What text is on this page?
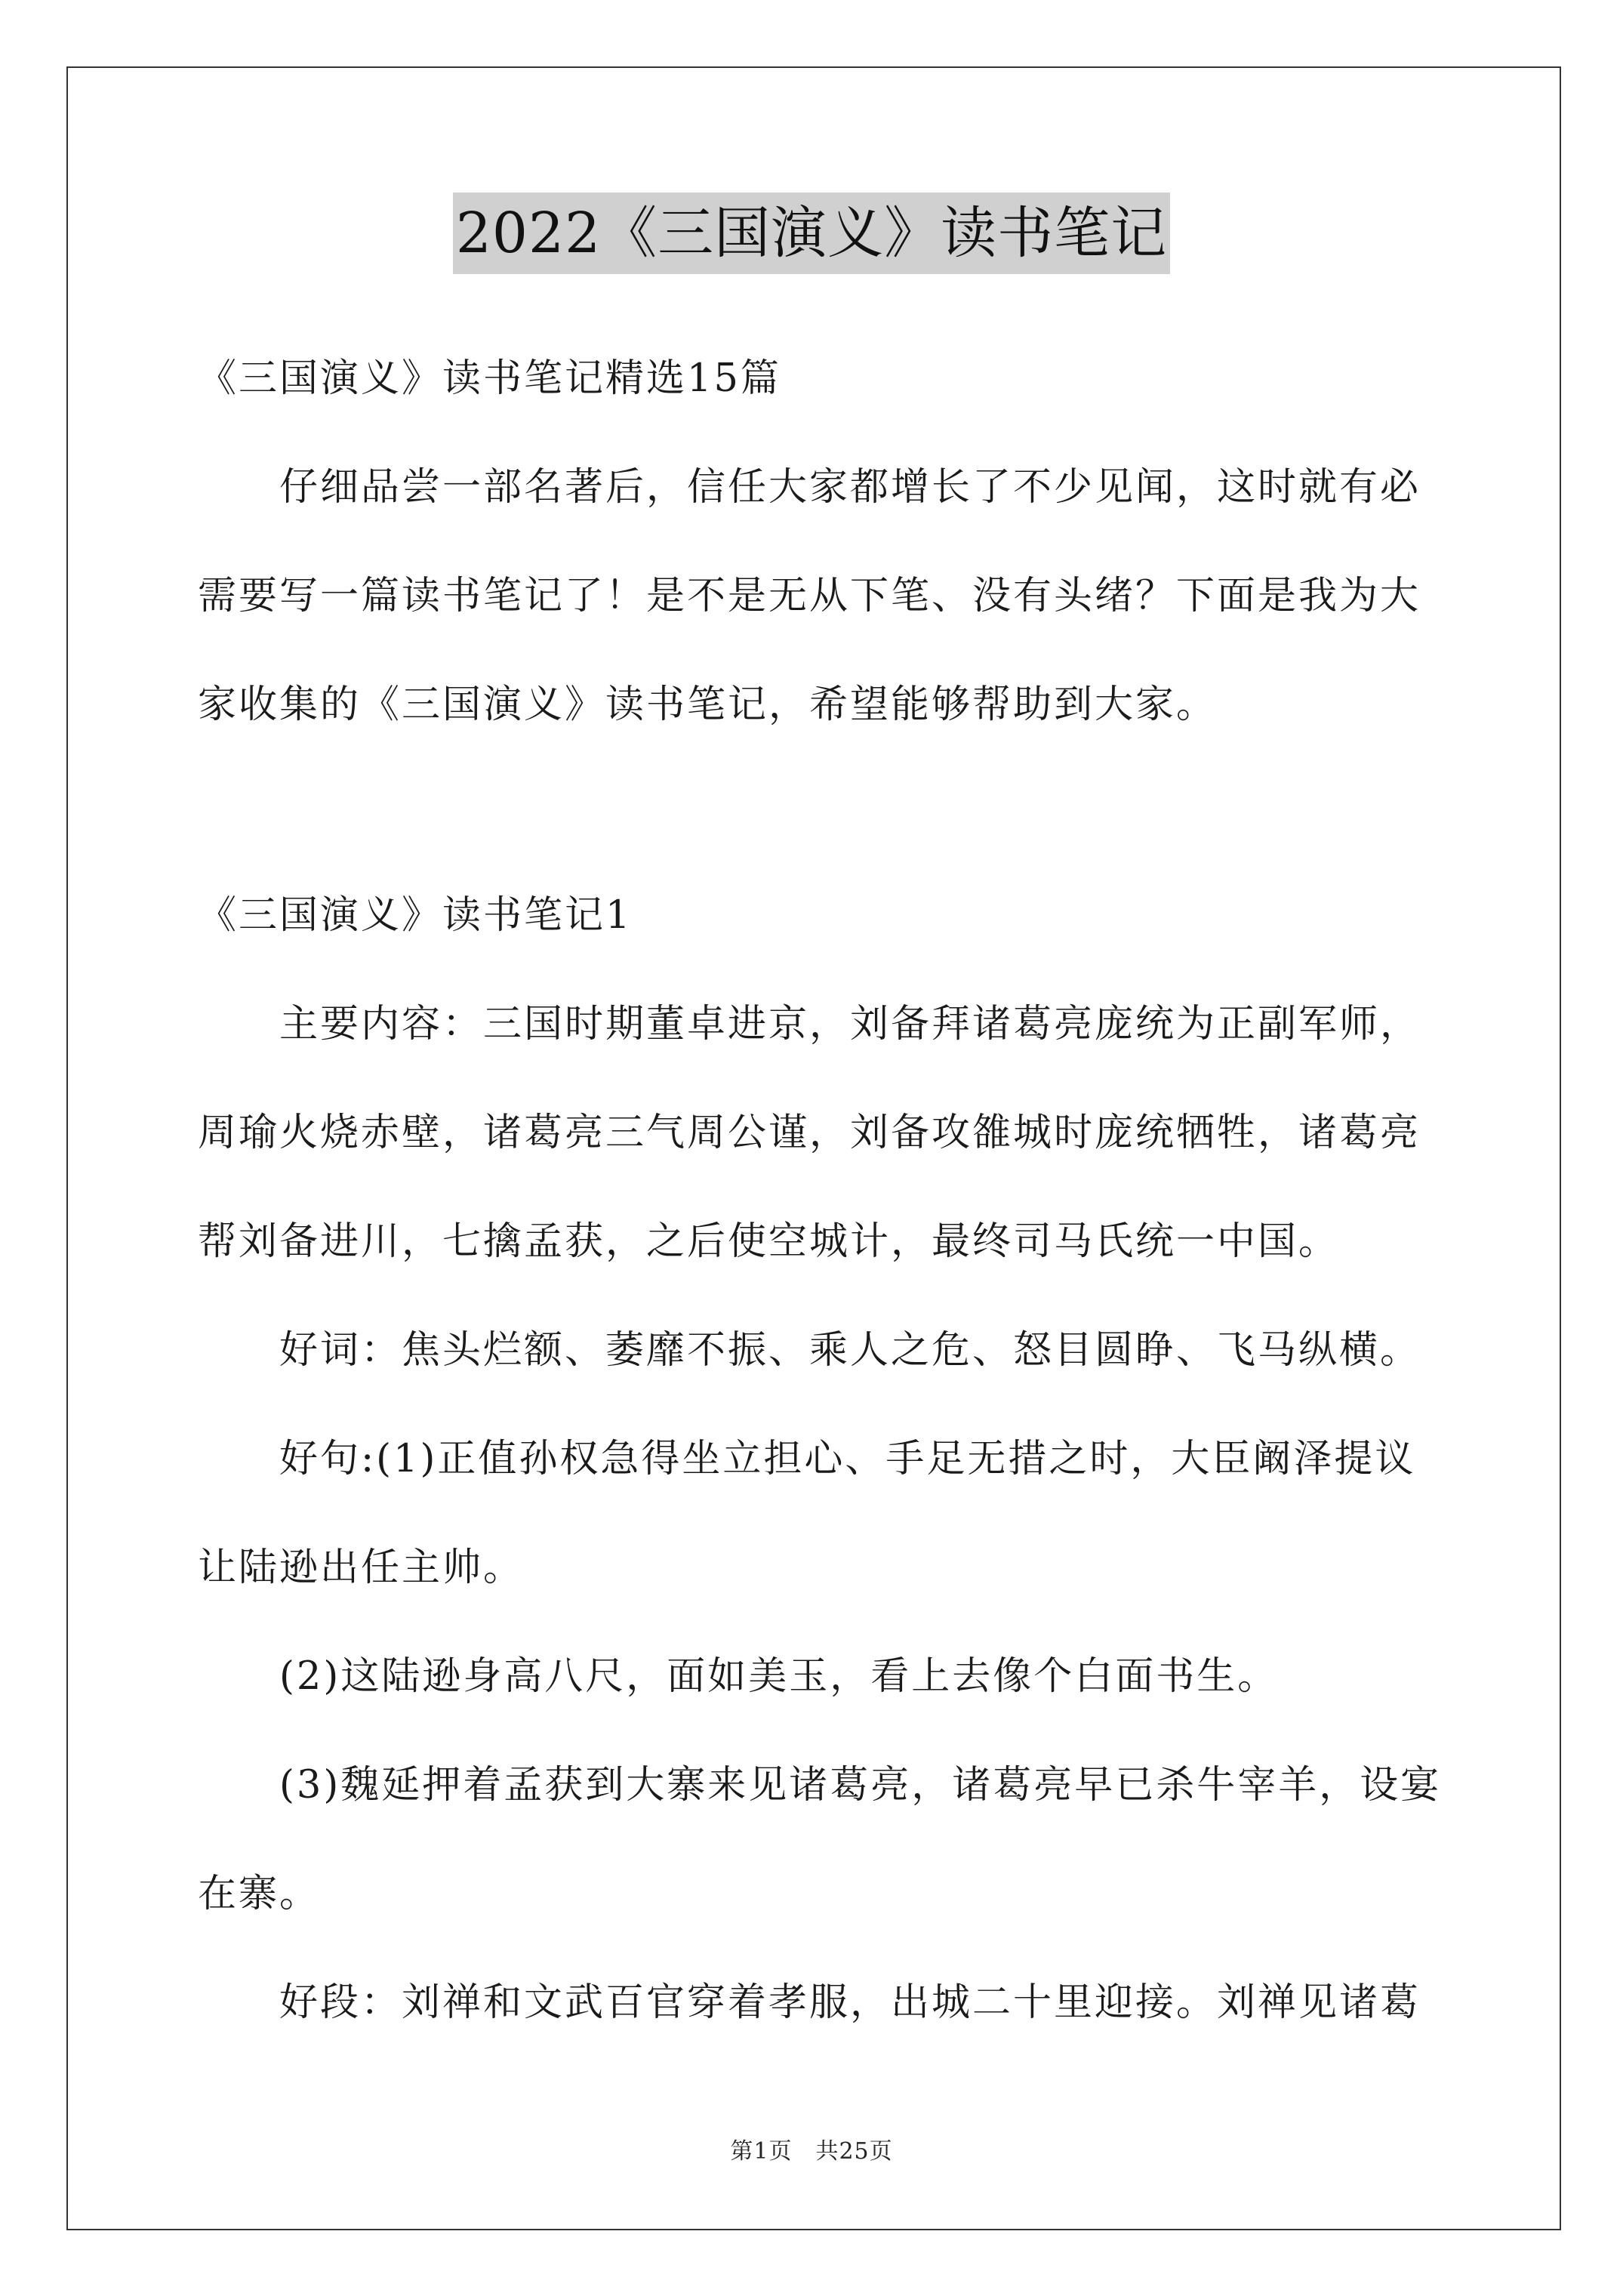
2022《三国演义》读书笔记
《三国演义》读书笔记精选15篇
仔细品尝一部名著后，信任大家都增长了不少见闻，这时就有必
需要写一篇读书笔记了！是不是无从下笔、没有头绪？下面是我为大
家收集的《三国演义》读书笔记，希望能够帮助到大家。
《三国演义》读书笔记1
主要内容：三国时期董卓进京，刘备拜诸葛亮庞统为正副军师，
周瑜火烧赤壁，诸葛亮三气周公谨，刘备攻雒城时庞统牺牲，诸葛亮
帮刘备进川，七擒孟获，之后使空城计，最终司马氏统一中国。
好词：焦头烂额、萎靡不振、乘人之危、怒目圆睁、飞马纵横。
好句:(1)正值孙权急得坐立担心、手足无措之时，大臣阚泽提议
让陆逊出任主帅。
(2)这陆逊身高八尺，面如美玉，看上去像个白面书生。
(3)魏延押着孟获到大寨来见诸葛亮，诸葛亮早已杀牛宰羊，设宴
在寨。
好段：刘禅和文武百官穿着孝服，出城二十里迎接。刘禅见诸葛
第1页　共25页
